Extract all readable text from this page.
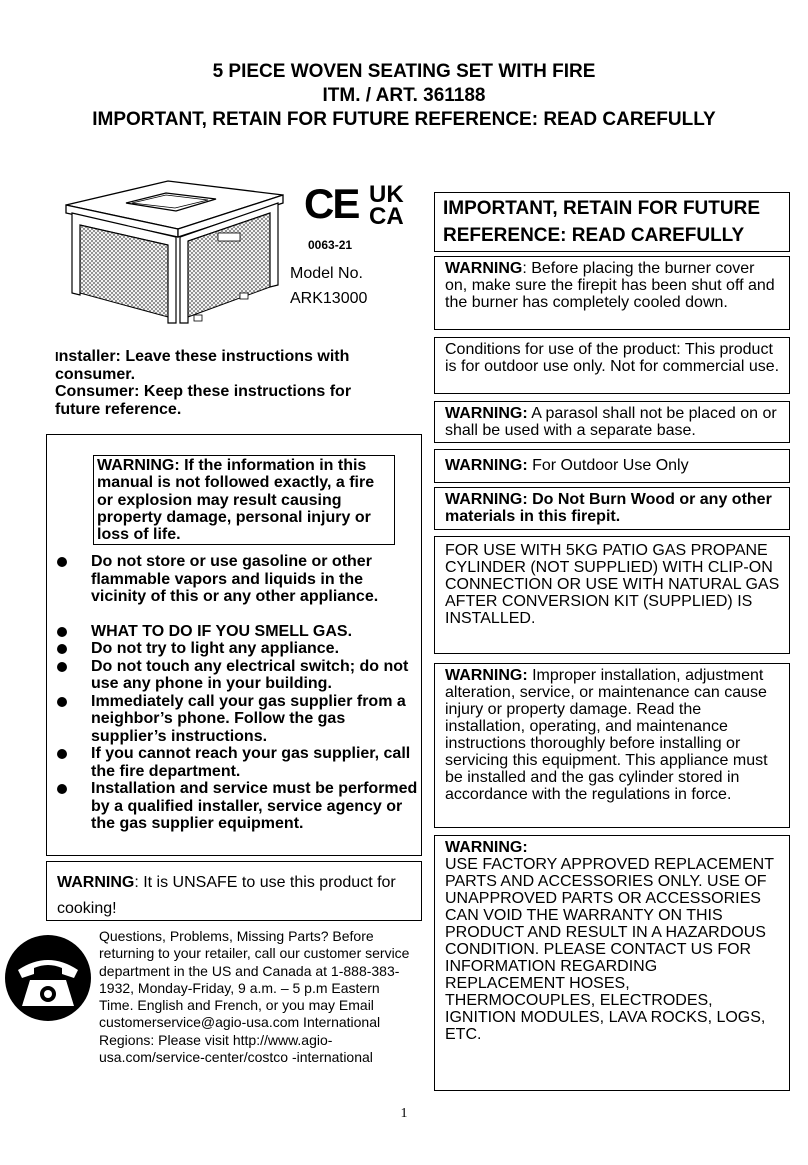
5 PIECE WOVEN SEATING SET WITH FIRE
ITM. / ART. 361188
IMPORTANT, RETAIN FOR FUTURE REFERENCE: READ CAREFULLY
CE UK
CA
0063-21
Model No.
ARK13000
Installer: Leave these instructions with consumer.
Consumer: Keep these instructions for future reference.
WARNING: If the information in this manual is not followed exactly, a fire or explosion may result causing property damage, personal injury or loss of life.
Do not store or use gasoline or other flammable vapors and liquids in the vicinity of this or any other appliance.
WHAT TO DO IF YOU SMELL GAS.
Do not try to light any appliance.
Do not touch any electrical switch; do not use any phone in your building.
Immediately call your gas supplier from a neighbor’s phone. Follow the gas supplier’s instructions.
If you cannot reach your gas supplier, call the fire department.
Installation and service must be performed by a qualified installer, service agency or the gas supplier equipment.
WARNING: It is UNSAFE to use this product for cooking!
Questions, Problems, Missing Parts? Before returning to your retailer, call our customer service department in the US and Canada at 1-888-383-1932, Monday-Friday, 9 a.m. – 5 p.m Eastern Time. English and French, or you may Email customerservice@agio-usa.com International Regions: Please visit http://www.agio-usa.com/service-center/costco -international
IMPORTANT, RETAIN FOR FUTURE REFERENCE: READ CAREFULLY
WARNING: Before placing the burner cover on, make sure the firepit has been shut off and the burner has completely cooled down.
Conditions for use of the product: This product is for outdoor use only. Not for commercial use.
WARNING: A parasol shall not be placed on or shall be used with a separate base.
WARNING: For Outdoor Use Only
WARNING: Do Not Burn Wood or any other materials in this firepit.
FOR USE WITH 5KG PATIO GAS PROPANE CYLINDER (NOT SUPPLIED) WITH CLIP-ON CONNECTION OR USE WITH NATURAL GAS AFTER CONVERSION KIT (SUPPLIED) IS INSTALLED.
WARNING: Improper installation, adjustment alteration, service, or maintenance can cause injury or property damage. Read the installation, operating, and maintenance instructions thoroughly before installing or servicing this equipment. This appliance must be installed and the gas cylinder stored in accordance with the regulations in force.
WARNING:
USE FACTORY APPROVED REPLACEMENT PARTS AND ACCESSORIES ONLY. USE OF UNAPPROVED PARTS OR ACCESSORIES CAN VOID THE WARRANTY ON THIS PRODUCT AND RESULT IN A HAZARDOUS CONDITION. PLEASE CONTACT US FOR INFORMATION REGARDING REPLACEMENT HOSES, THERMOCOUPLES, ELECTRODES, IGNITION MODULES, LAVA ROCKS, LOGS, ETC.
1
